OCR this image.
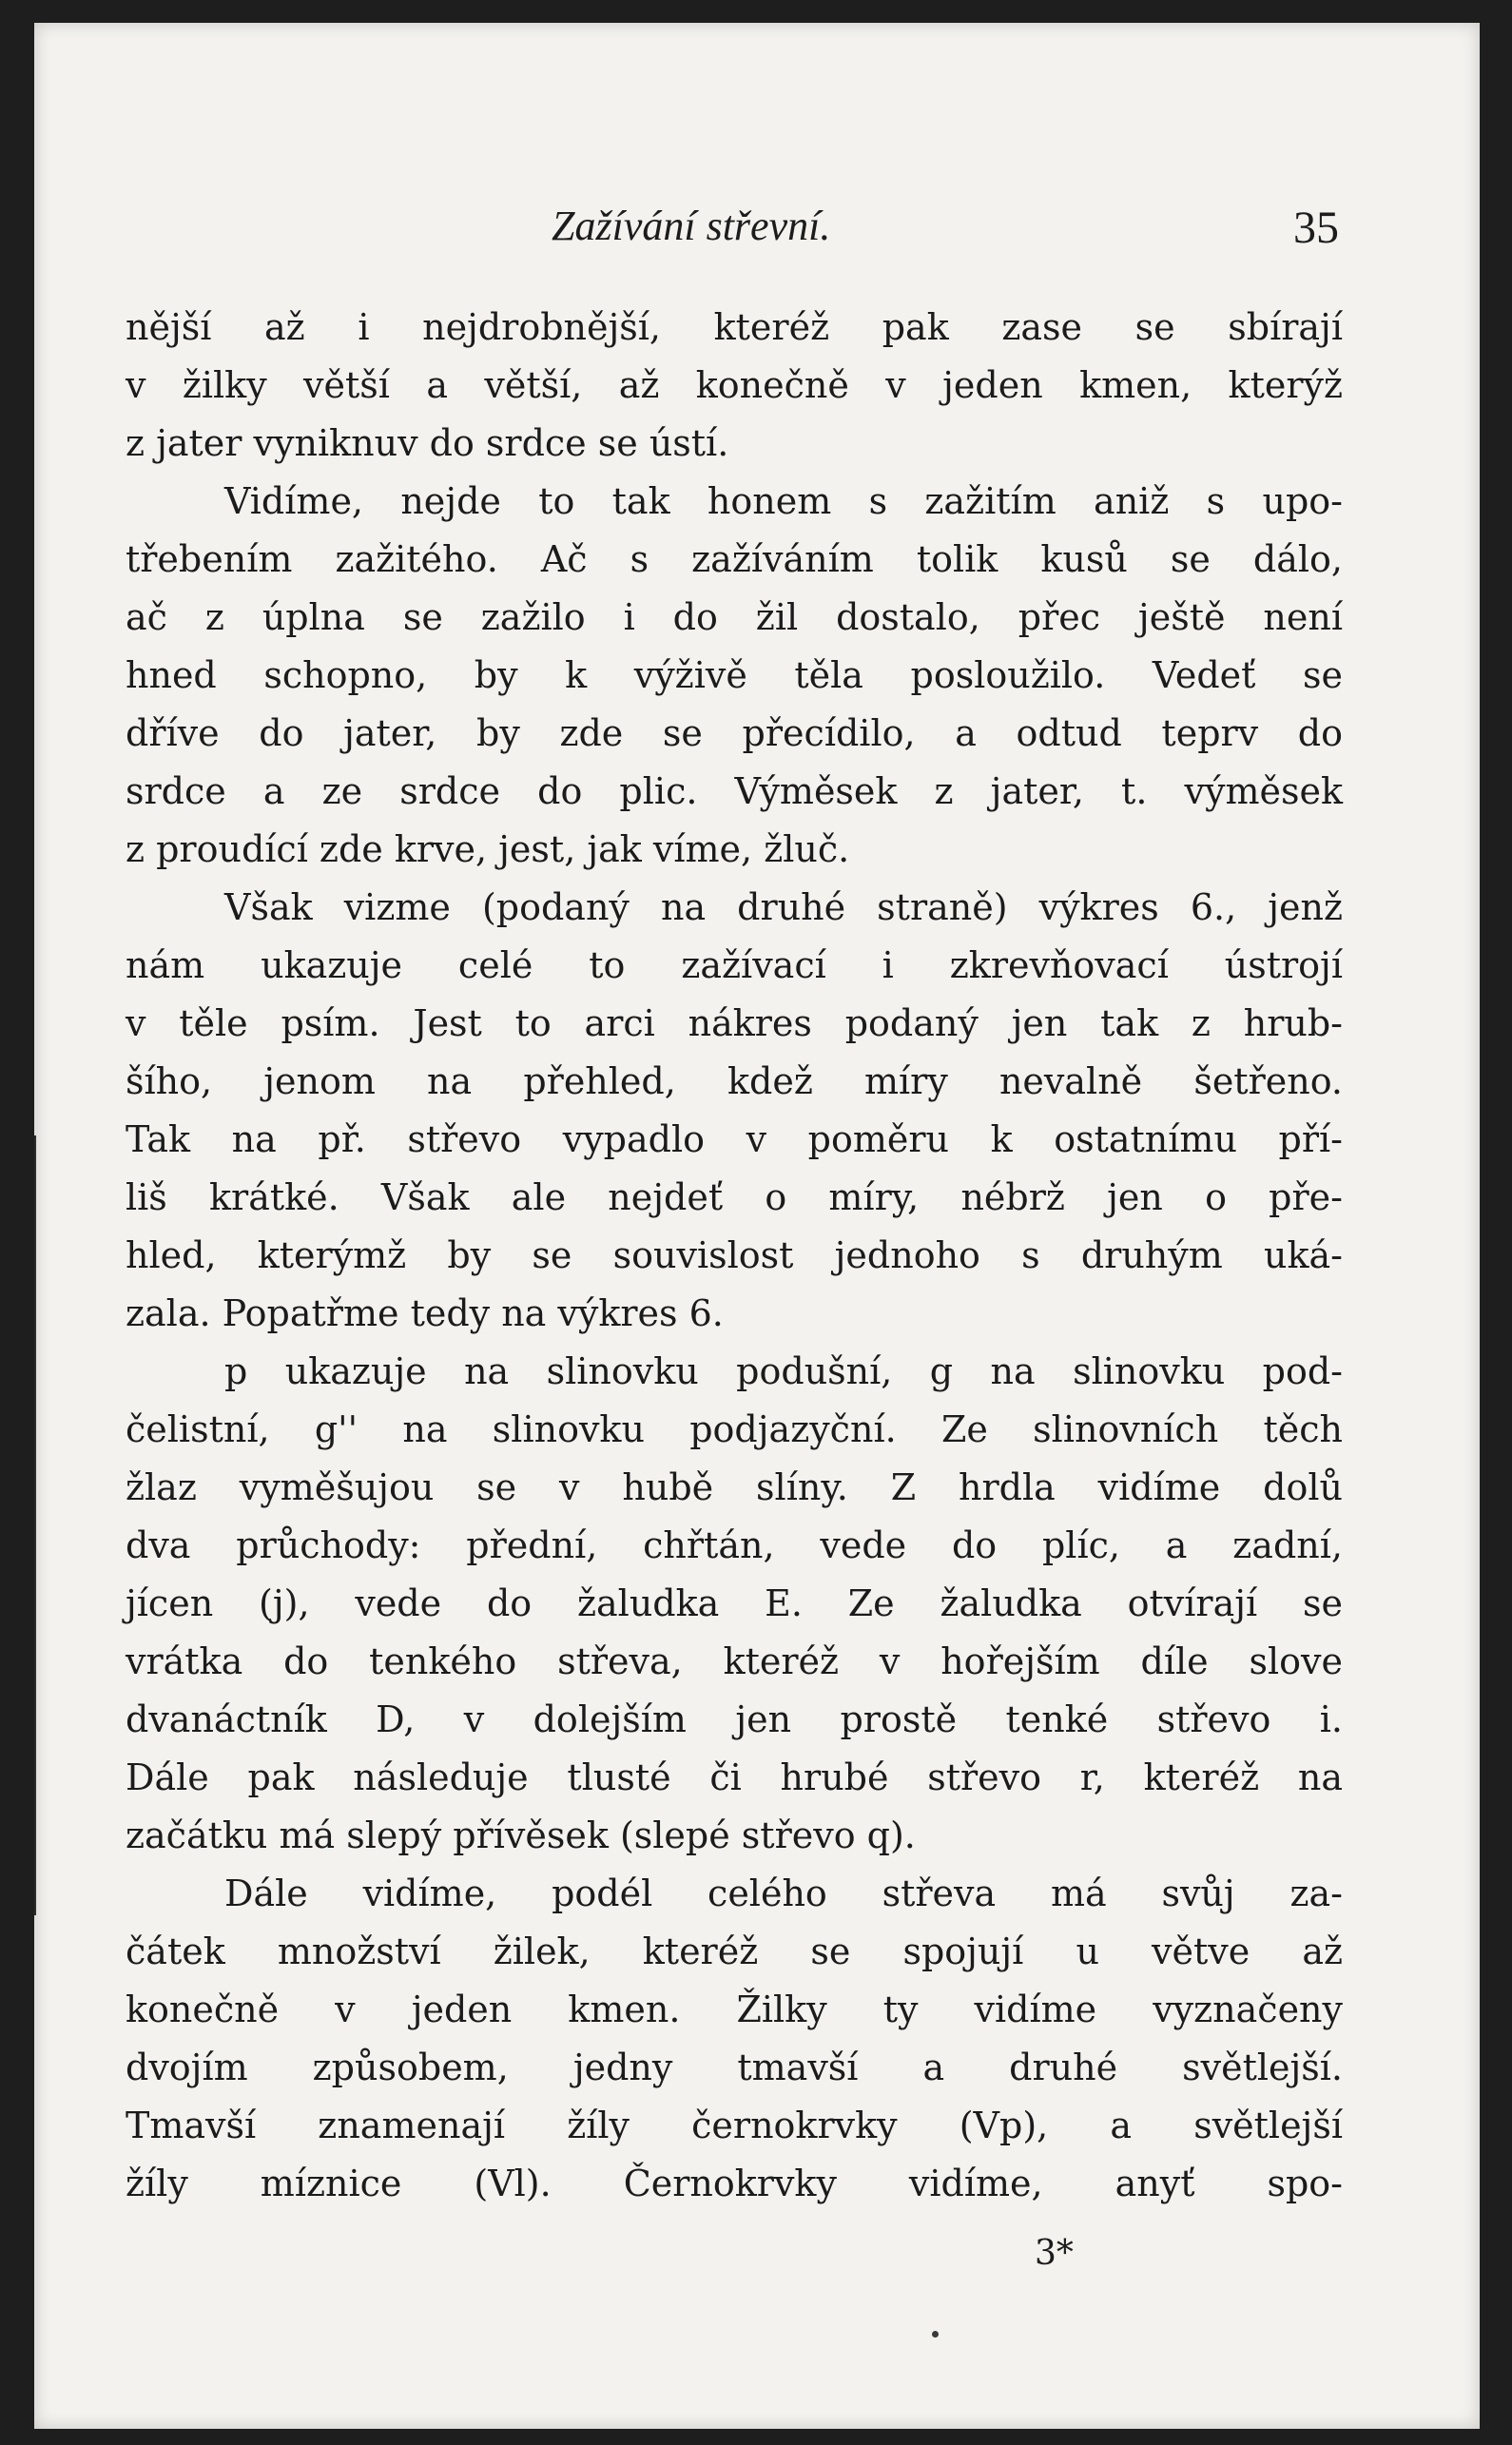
Zažívání střevní.	35
nější až i nejdrobnější, kteréž pak zase se sbírají
v žilky větší a větší, až konečně v jeden kmen, kterýž
z jater vyniknuv do srdce se ústí.
Vidíme, nejde to tak honem s zažitím aniž s upo-
třebením zažitého. Ač s zažíváním tolik kusů se dálo,
ač z úplna se zažilo i do žil dostalo, přec ještě není
hned schopno, by k výživě těla posloužilo. Vedeť se
dříve do jater, by zde se přecídilo, a odtud teprv do
srdce a ze srdce do plic. Výměsek z jater, t. výměsek
z proudící zde krve, jest, jak víme, žluč.
Však vizme (podaný na druhé straně) výkres 6., jenž
nám ukazuje celé to zažívací i zkrevňovací ústrojí
v těle psím. Jest to arci nákres podaný jen tak z hrub-
šího, jenom na přehled, kdež míry nevalně šetřeno.
Tak na př. střevo vypadlo v poměru k ostatnímu pří-
liš krátké. Však ale nejdeť o míry, nébrž jen o pře-
hled, kterýmž by se souvislost jednoho s druhým uká-
zala. Popatřme tedy na výkres 6.
p ukazuje na slinovku podušní, g na slinovku pod-
čelistní, g'' na slinovku podjazyční. Ze slinovních těch
žlaz vyměšujou se v hubě slíny. Z hrdla vidíme dolů
dva průchody: přední, chřtán, vede do plíc, a zadní,
jícen (j), vede do žaludka E. Ze žaludka otvírají se
vrátka do tenkého střeva, kteréž v hořejším díle slove
dvanáctník D, v dolejším jen prostě tenké střevo i.
Dále pak následuje tlusté či hrubé střevo r, kteréž na
začátku má slepý přívěsek (slepé střevo q).
Dále vidíme, podél celého střeva má svůj za-
čátek množství žilek, kteréž se spojují u větve až
konečně v jeden kmen. Žilky ty vidíme vyznačeny
dvojím způsobem, jedny tmavší a druhé světlejší.
Tmavší znamenají žíly černokrvky (Vp), a světlejší
žíly míznice (Vl). Černokrvky vidíme, anyť spo-
3*
